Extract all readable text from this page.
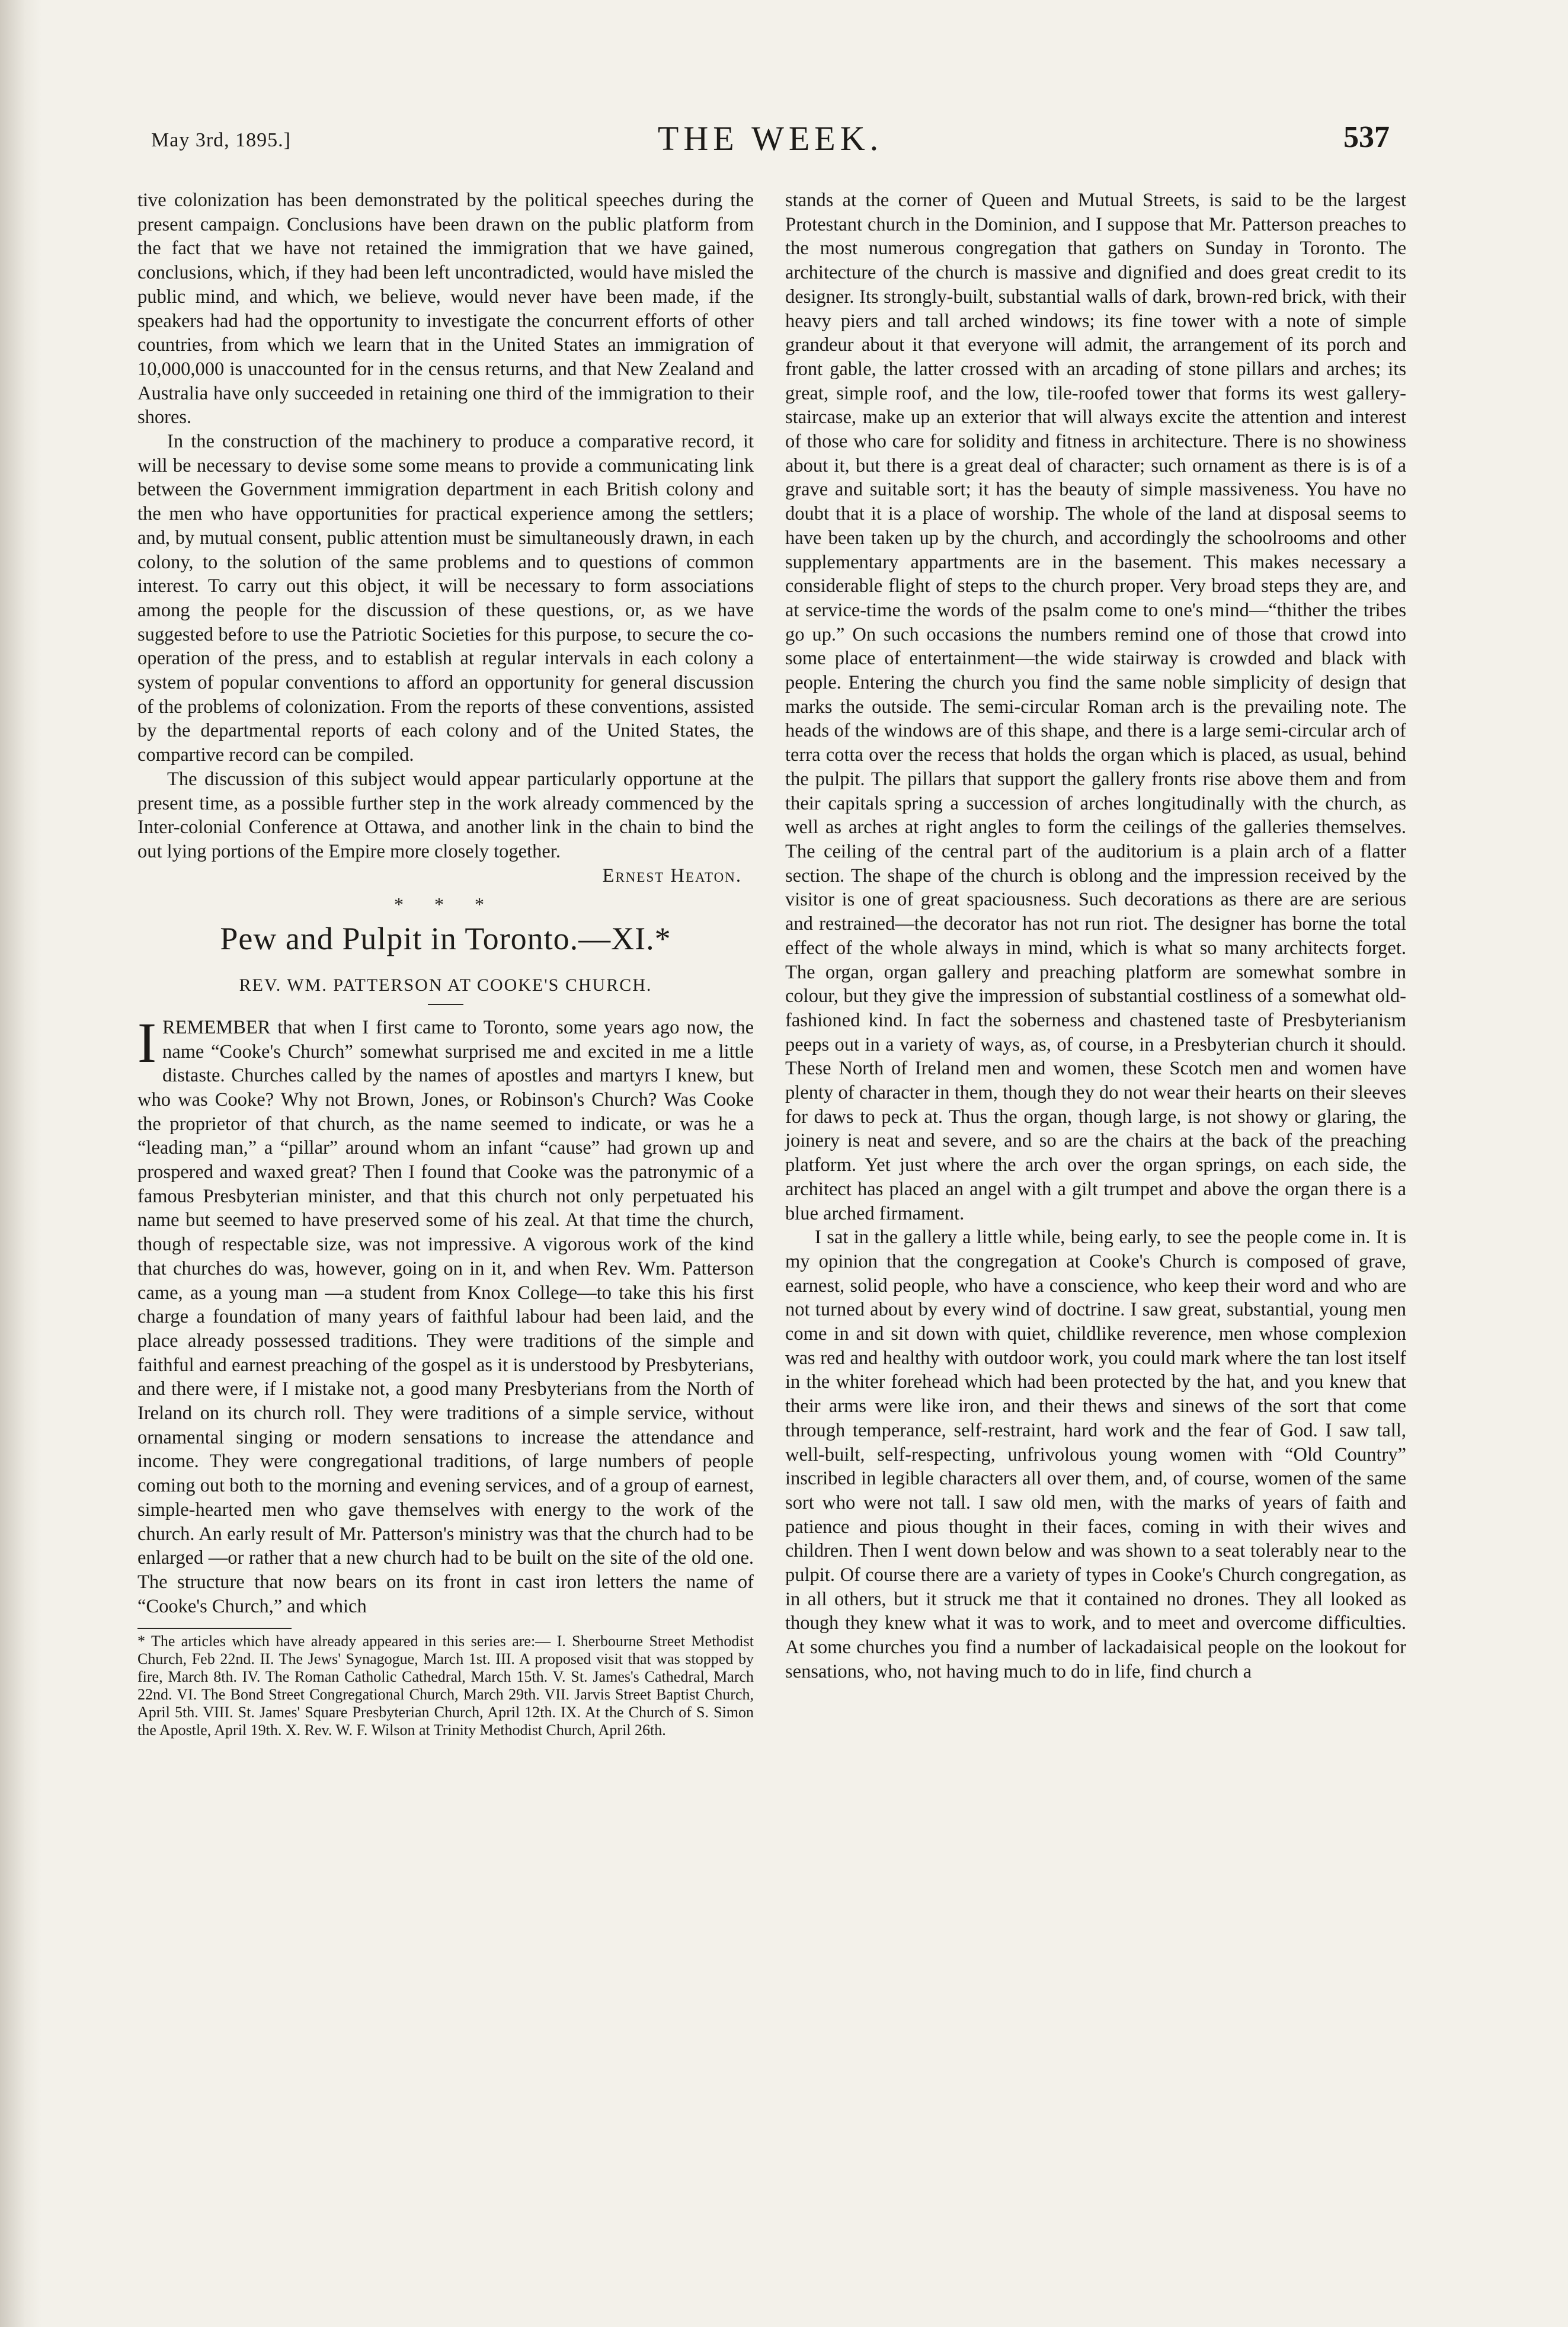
May 3rd, 1895.]	THE WEEK.	537

tive colonization has been demonstrated by the political speeches during the present campaign. Conclusions have been drawn on the public platform from the fact that we have not retained the immigration that we have gained, conclusions, which, if they had been left uncontradicted, would have misled the public mind, and which, we believe, would never have been made, if the speakers had had the opportunity to investigate the concurrent efforts of other countries, from which we learn that in the United States an immigration of 10,000,000 is unaccounted for in the census returns, and that New Zealand and Australia have only succeeded in retaining one third of the immigration to their shores.

In the construction of the machinery to produce a comparative record, it will be necessary to devise some some means to provide a communicating link between the Government immigration department in each British colony and the men who have opportunities for practical experience among the settlers; and, by mutual consent, public attention must be simultaneously drawn, in each colony, to the solution of the same problems and to questions of common interest. To carry out this object, it will be necessary to form associations among the people for the discussion of these questions, or, as we have suggested before to use the Patriotic Societies for this purpose, to secure the co-operation of the press, and to establish at regular intervals in each colony a system of popular conventions to afford an opportunity for general discussion of the problems of colonization. From the reports of these conventions, assisted by the departmental reports of each colony and of the United States, the compartive record can be compiled.

The discussion of this subject would appear particularly opportune at the present time, as a possible further step in the work already commenced by the Inter-colonial Conference at Ottawa, and another link in the chain to bind the out lying portions of the Empire more closely together.

Ernest Heaton.

* * *
Pew and Pulpit in Toronto.—XI.*
REV. WM. PATTERSON AT COOKE'S CHURCH.

IREMEMBER that when I first came to Toronto, some years ago now, the name “Cooke's Church” somewhat surprised me and excited in me a little distaste. Churches called by the names of apostles and martyrs I knew, but who was Cooke? Why not Brown, Jones, or Robinson's Church? Was Cooke the proprietor of that church, as the name seemed to indicate, or was he a “leading man,” a “pillar” around whom an infant “cause” had grown up and prospered and waxed great? Then I found that Cooke was the patronymic of a famous Presbyterian minister, and that this church not only perpetuated his name but seemed to have preserved some of his zeal. At that time the church, though of respectable size, was not impressive. A vigorous work of the kind that churches do was, however, going on in it, and when Rev. Wm. Patterson came, as a young man —a student from Knox College—to take this his first charge a foundation of many years of faithful labour had been laid, and the place already possessed traditions. They were traditions of the simple and faithful and earnest preaching of the gospel as it is understood by Presbyterians, and there were, if I mistake not, a good many Presbyterians from the North of Ireland on its church roll. They were traditions of a simple service, without ornamental singing or modern sensations to increase the attendance and income. They were congregational traditions, of large numbers of people coming out both to the morning and evening services, and of a group of earnest, simple-hearted men who gave themselves with energy to the work of the church. An early result of Mr. Patterson's ministry was that the church had to be enlarged —or rather that a new church had to be built on the site of the old one. The structure that now bears on its front in cast iron letters the name of “Cooke's Church,” and which

* The articles which have already appeared in this series are:— I. Sherbourne Street Methodist Church, Feb 22nd. II. The Jews' Synagogue, March 1st. III. A proposed visit that was stopped by fire, March 8th. IV. The Roman Catholic Cathedral, March 15th. V. St. James's Cathedral, March 22nd. VI. The Bond Street Congregational Church, March 29th. VII. Jarvis Street Baptist Church, April 5th. VIII. St. James' Square Presbyterian Church, April 12th. IX. At the Church of S. Simon the Apostle, April 19th. X. Rev. W. F. Wilson at Trinity Methodist Church, April 26th.

stands at the corner of Queen and Mutual Streets, is said to be the largest Protestant church in the Dominion, and I suppose that Mr. Patterson preaches to the most numerous congregation that gathers on Sunday in Toronto. The architecture of the church is massive and dignified and does great credit to its designer. Its strongly-built, substantial walls of dark, brown-red brick, with their heavy piers and tall arched windows; its fine tower with a note of simple grandeur about it that everyone will admit, the arrangement of its porch and front gable, the latter crossed with an arcading of stone pillars and arches; its great, simple roof, and the low, tile-roofed tower that forms its west gallery-staircase, make up an exterior that will always excite the attention and interest of those who care for solidity and fitness in architecture. There is no showiness about it, but there is a great deal of character; such ornament as there is is of a grave and suitable sort; it has the beauty of simple massiveness. You have no doubt that it is a place of worship. The whole of the land at disposal seems to have been taken up by the church, and accordingly the schoolrooms and other supplementary appartments are in the basement. This makes necessary a considerable flight of steps to the church proper. Very broad steps they are, and at service-time the words of the psalm come to one's mind—“thither the tribes go up.” On such occasions the numbers remind one of those that crowd into some place of entertainment—the wide stairway is crowded and black with people. Entering the church you find the same noble simplicity of design that marks the outside. The semi-circular Roman arch is the prevailing note. The heads of the windows are of this shape, and there is a large semi-circular arch of terra cotta over the recess that holds the organ which is placed, as usual, behind the pulpit. The pillars that support the gallery fronts rise above them and from their capitals spring a succession of arches longitudinally with the church, as well as arches at right angles to form the ceilings of the galleries themselves. The ceiling of the central part of the auditorium is a plain arch of a flatter section. The shape of the church is oblong and the impression received by the visitor is one of great spaciousness. Such decorations as there are are serious and restrained—the decorator has not run riot. The designer has borne the total effect of the whole always in mind, which is what so many architects forget. The organ, organ gallery and preaching platform are somewhat sombre in colour, but they give the impression of substantial costliness of a somewhat old-fashioned kind. In fact the soberness and chastened taste of Presbyterianism peeps out in a variety of ways, as, of course, in a Presbyterian church it should. These North of Ireland men and women, these Scotch men and women have plenty of character in them, though they do not wear their hearts on their sleeves for daws to peck at. Thus the organ, though large, is not showy or glaring, the joinery is neat and severe, and so are the chairs at the back of the preaching platform. Yet just where the arch over the organ springs, on each side, the architect has placed an angel with a gilt trumpet and above the organ there is a blue arched firmament.

I sat in the gallery a little while, being early, to see the people come in. It is my opinion that the congregation at Cooke's Church is composed of grave, earnest, solid people, who have a conscience, who keep their word and who are not turned about by every wind of doctrine. I saw great, substantial, young men come in and sit down with quiet, childlike reverence, men whose complexion was red and healthy with outdoor work, you could mark where the tan lost itself in the whiter forehead which had been protected by the hat, and you knew that their arms were like iron, and their thews and sinews of the sort that come through temperance, self-restraint, hard work and the fear of God. I saw tall, well-built, self-respecting, unfrivolous young women with “Old Country” inscribed in legible characters all over them, and, of course, women of the same sort who were not tall. I saw old men, with the marks of years of faith and patience and pious thought in their faces, coming in with their wives and children. Then I went down below and was shown to a seat tolerably near to the pulpit. Of course there are a variety of types in Cooke's Church congregation, as in all others, but it struck me that it contained no drones. They all looked as though they knew what it was to work, and to meet and overcome difficulties. At some churches you find a number of lackadaisical people on the lookout for sensations, who, not having much to do in life, find church a
